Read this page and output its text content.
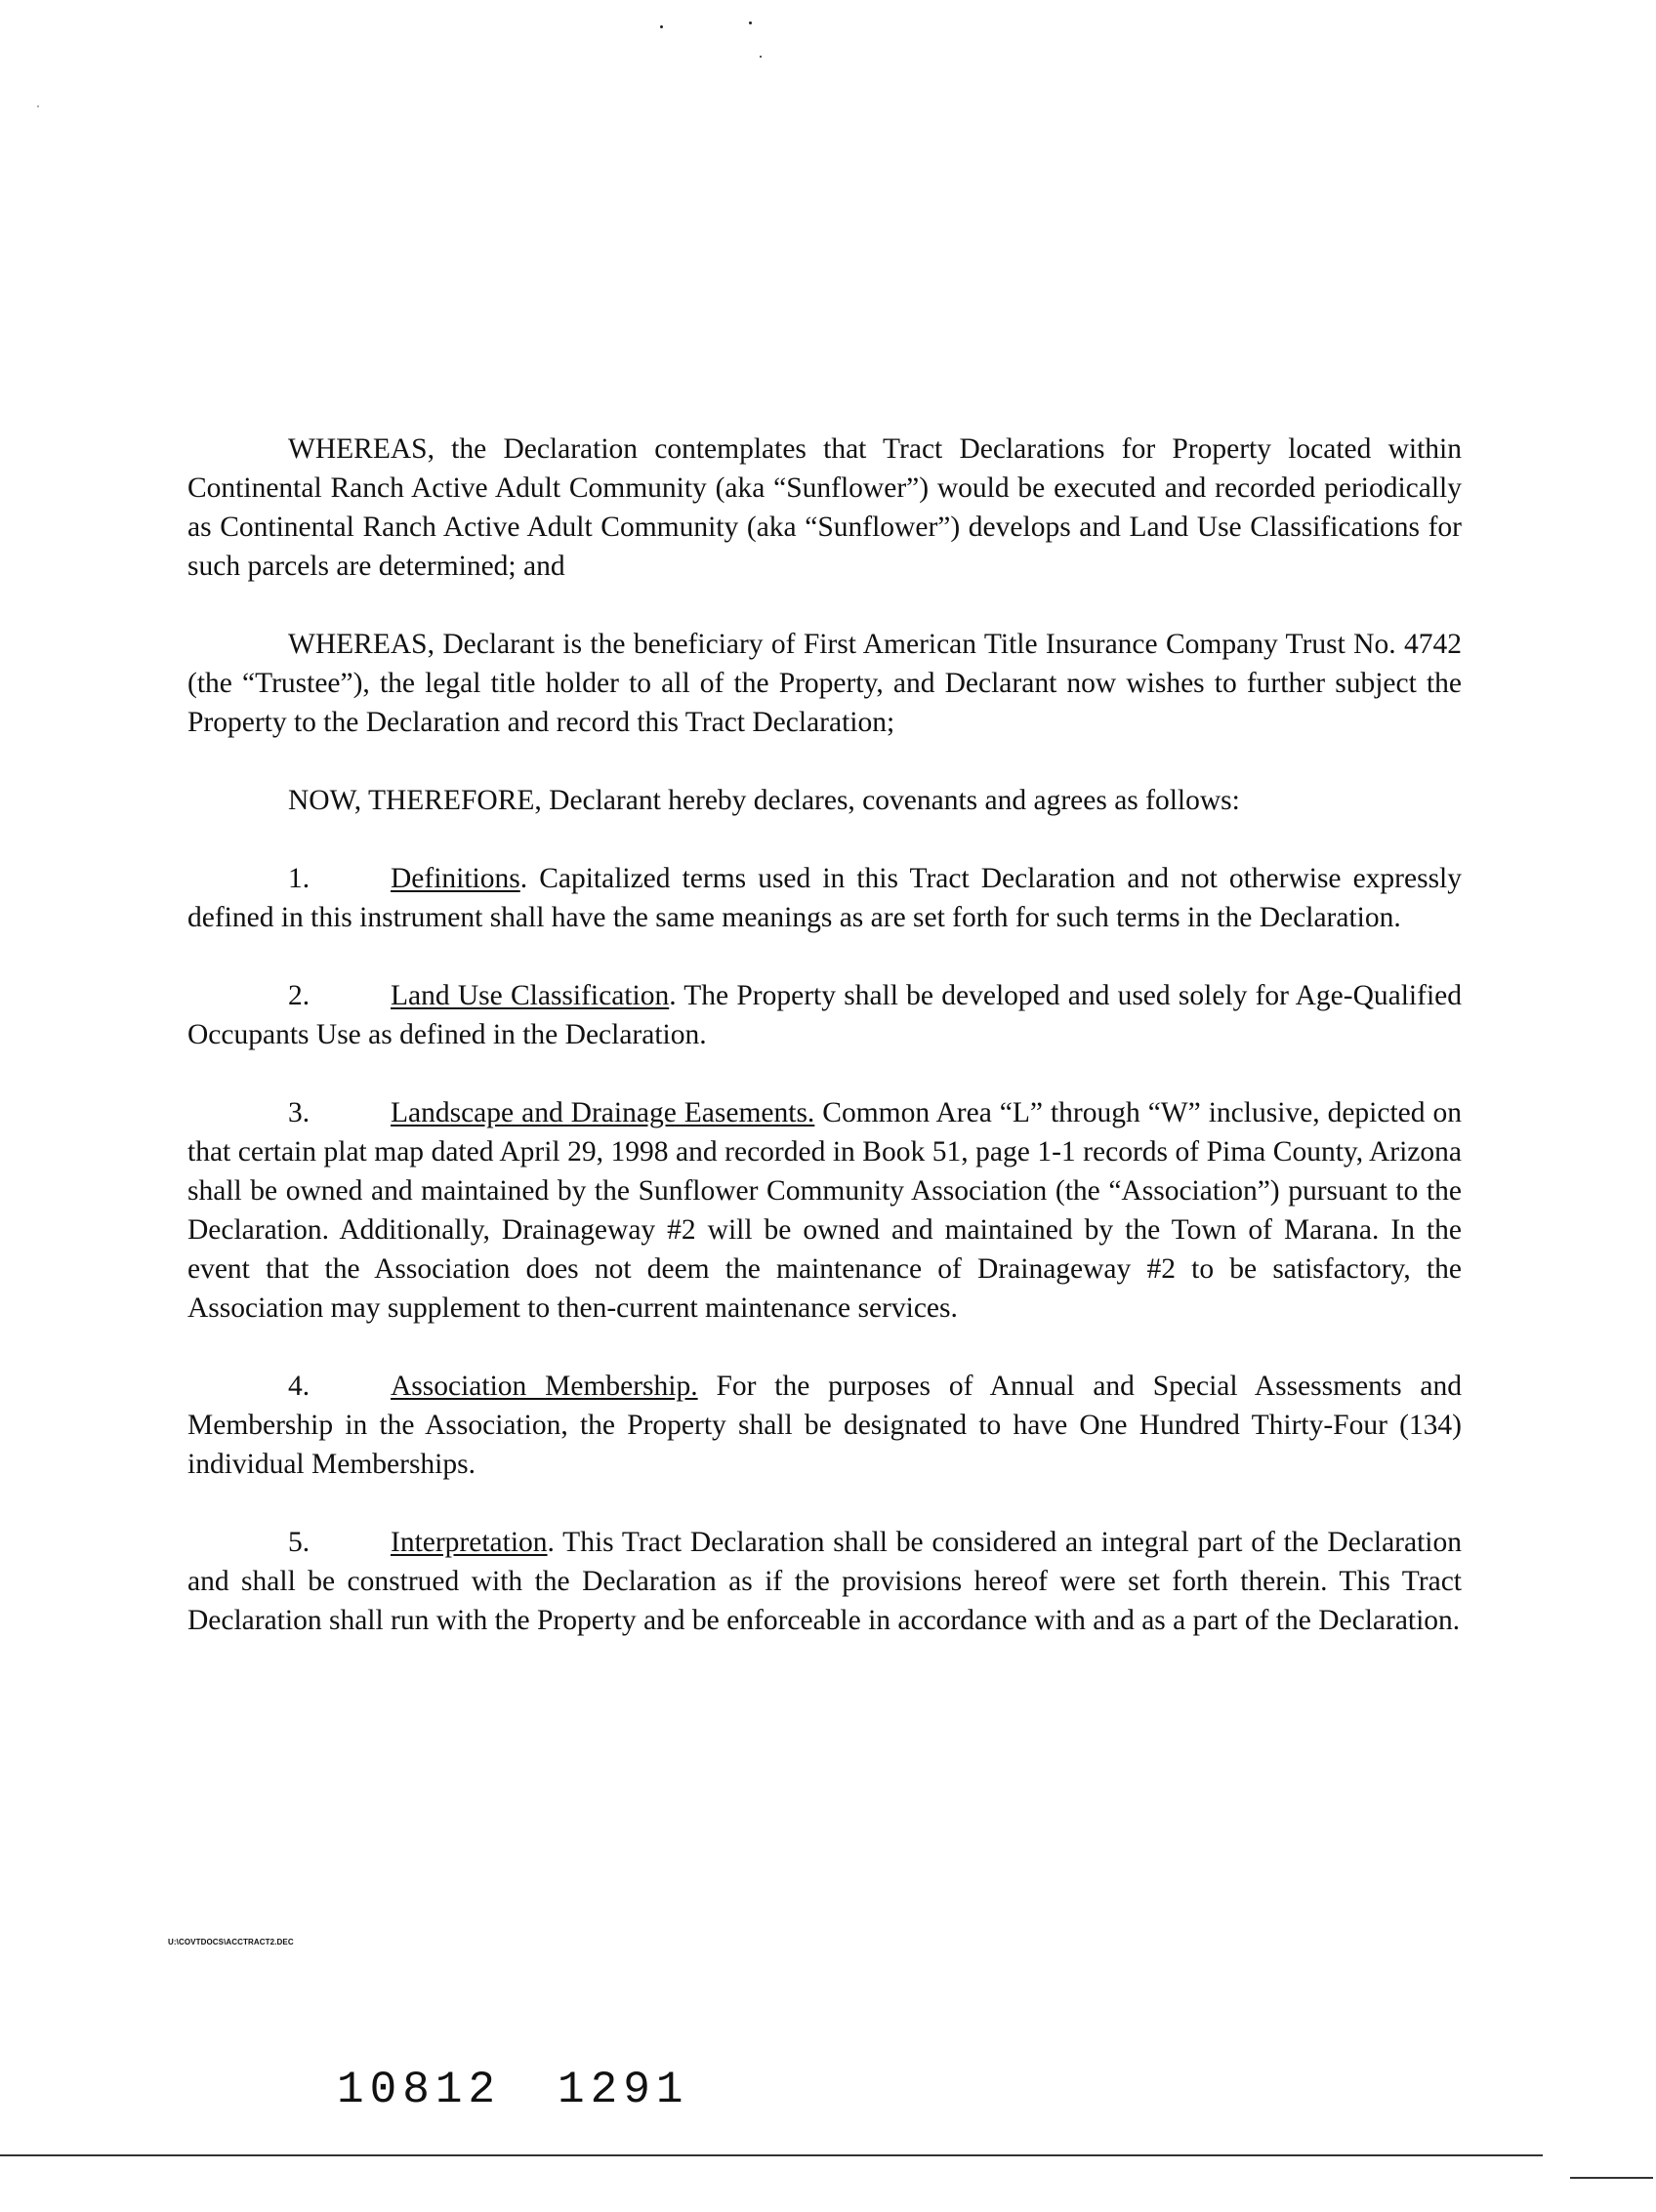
WHEREAS, the Declaration contemplates that Tract Declarations for Property located within Continental Ranch Active Adult Community (aka “Sunflower”) would be executed and recorded periodically as Continental Ranch Active Adult Community (aka “Sunflower”) develops and Land Use Classifications for such parcels are determined; and

WHEREAS, Declarant is the beneficiary of First American Title Insurance Company Trust No. 4742 (the “Trustee”), the legal title holder to all of the Property, and Declarant now wishes to further subject the Property to the Declaration and record this Tract Declaration;

NOW, THEREFORE, Declarant hereby declares, covenants and agrees as follows:

1.	Definitions. Capitalized terms used in this Tract Declaration and not otherwise expressly defined in this instrument shall have the same meanings as are set forth for such terms in the Declaration.

2.	Land Use Classification. The Property shall be developed and used solely for Age-Qualified Occupants Use as defined in the Declaration.

3.	Landscape and Drainage Easements. Common Area “L” through “W” inclusive, depicted on that certain plat map dated April 29, 1998 and recorded in Book 51, page 1-1 records of Pima County, Arizona shall be owned and maintained by the Sunflower Community Association (the “Association”) pursuant to the Declaration. Additionally, Drainageway #2 will be owned and maintained by the Town of Marana. In the event that the Association does not deem the maintenance of Drainageway #2 to be satisfactory, the Association may supplement to then-current maintenance services.

4.	Association Membership. For the purposes of Annual and Special Assessments and Membership in the Association, the Property shall be designated to have One Hundred Thirty-Four (134) individual Memberships.

5.	Interpretation. This Tract Declaration shall be considered an integral part of the Declaration and shall be construed with the Declaration as if the provisions hereof were set forth therein. This Tract Declaration shall run with the Property and be enforceable in accordance with and as a part of the Declaration.

U:\COVTDOCS\ACCTRACT2.DEC
10812 1291
